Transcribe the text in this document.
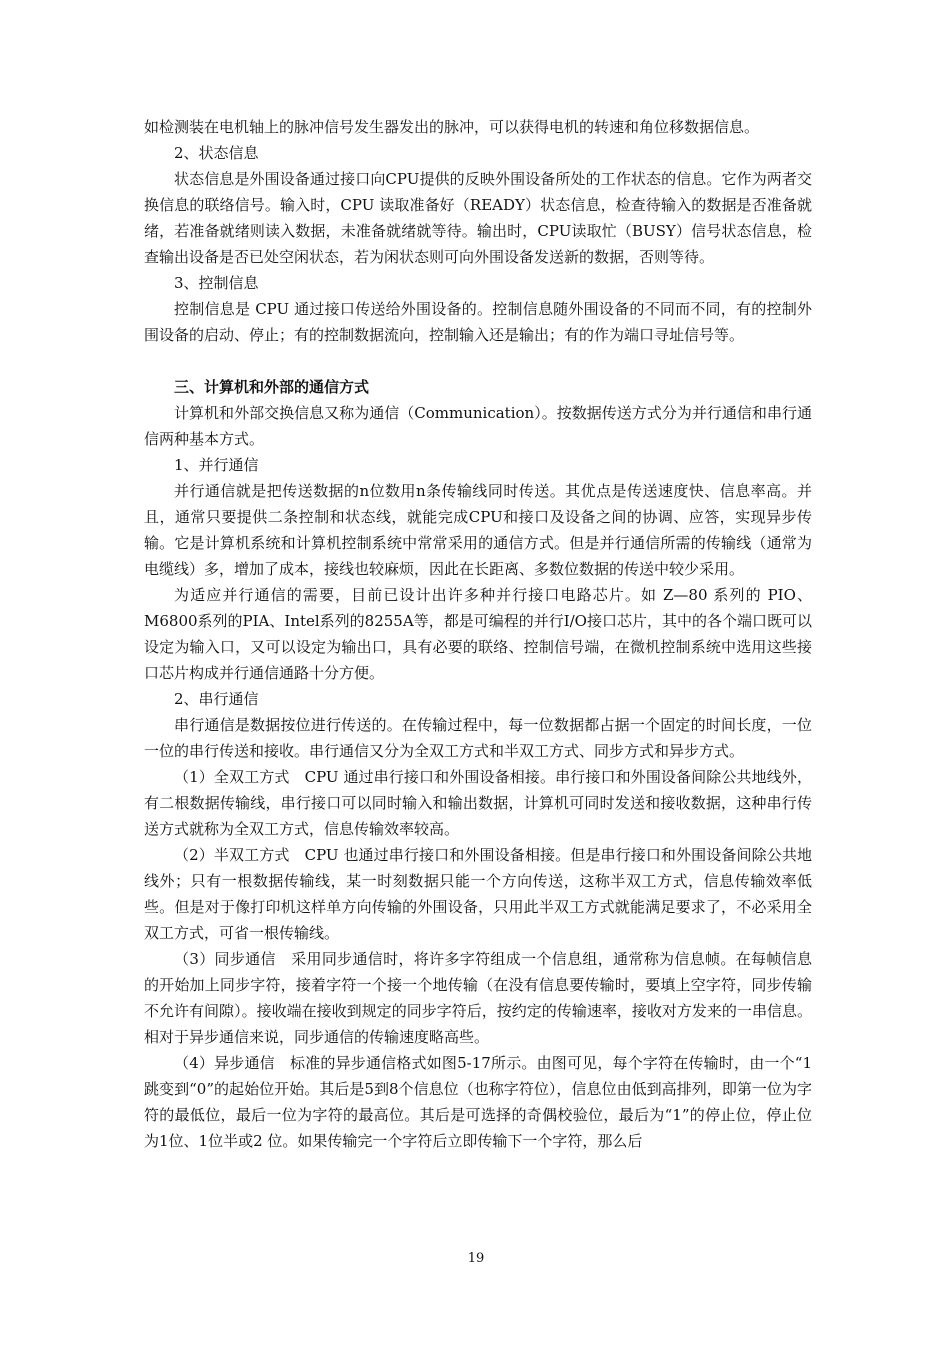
如检测装在电机轴上的脉冲信号发生器发出的脉冲，可以获得电机的转速和角位移数据信息。

2、状态信息

状态信息是外围设备通过接口向CPU提供的反映外围设备所处的工作状态的信息。它作为两者交换信息的联络信号。输入时，CPU 读取准备好（READY）状态信息，检查待输入的数据是否准备就绪，若准备就绪则读入数据，未准备就绪就等待。输出时，CPU读取忙（BUSY）信号状态信息，检查输出设备是否已处空闲状态，若为闲状态则可向外围设备发送新的数据，否则等待。

3、控制信息

控制信息是 CPU 通过接口传送给外围设备的。控制信息随外围设备的不同而不同，有的控制外围设备的启动、停止；有的控制数据流向，控制输入还是输出；有的作为端口寻址信号等。

三、计算机和外部的通信方式

计算机和外部交换信息又称为通信（Communication）。按数据传送方式分为并行通信和串行通信两种基本方式。

1、并行通信

并行通信就是把传送数据的n位数用n条传输线同时传送。其优点是传送速度快、信息率高。并且，通常只要提供二条控制和状态线，就能完成CPU和接口及设备之间的协调、应答，实现异步传输。它是计算机系统和计算机控制系统中常常采用的通信方式。但是并行通信所需的传输线（通常为电缆线）多，增加了成本，接线也较麻烦，因此在长距离、多数位数据的传送中较少采用。

为适应并行通信的需要，目前已设计出许多种并行接口电路芯片。如 Z—80 系列的 PIO、M6800系列的PIA、Intel系列的8255A等，都是可编程的并行I/O接口芯片，其中的各个端口既可以设定为输入口，又可以设定为输出口，具有必要的联络、控制信号端，在微机控制系统中选用这些接口芯片构成并行通信通路十分方便。

2、串行通信

串行通信是数据按位进行传送的。在传输过程中，每一位数据都占据一个固定的时间长度，一位一位的串行传送和接收。串行通信又分为全双工方式和半双工方式、同步方式和异步方式。

（1）全双工方式　CPU 通过串行接口和外围设备相接。串行接口和外围设备间除公共地线外，有二根数据传输线，串行接口可以同时输入和输出数据，计算机可同时发送和接收数据，这种串行传送方式就称为全双工方式，信息传输效率较高。

（2）半双工方式　CPU 也通过串行接口和外围设备相接。但是串行接口和外围设备间除公共地线外；只有一根数据传输线，某一时刻数据只能一个方向传送，这称半双工方式，信息传输效率低些。但是对于像打印机这样单方向传输的外围设备，只用此半双工方式就能满足要求了，不必采用全双工方式，可省一根传输线。

（3）同步通信　采用同步通信时，将许多字符组成一个信息组，通常称为信息帧。在每帧信息的开始加上同步字符，接着字符一个接一个地传输（在没有信息要传输时，要填上空字符，同步传输不允许有间隙）。接收端在接收到规定的同步字符后，按约定的传输速率，接收对方发来的一串信息。相对于异步通信来说，同步通信的传输速度略高些。

（4）异步通信　标准的异步通信格式如图5-17所示。由图可见，每个字符在传输时，由一个“1跳变到“0”的起始位开始。其后是5到8个信息位（也称字符位），信息位由低到高排列，即第一位为字符的最低位，最后一位为字符的最高位。其后是可选择的奇偶校验位，最后为“1”的停止位，停止位为1位、1位半或2 位。如果传输完一个字符后立即传输下一个字符，那么后

19
